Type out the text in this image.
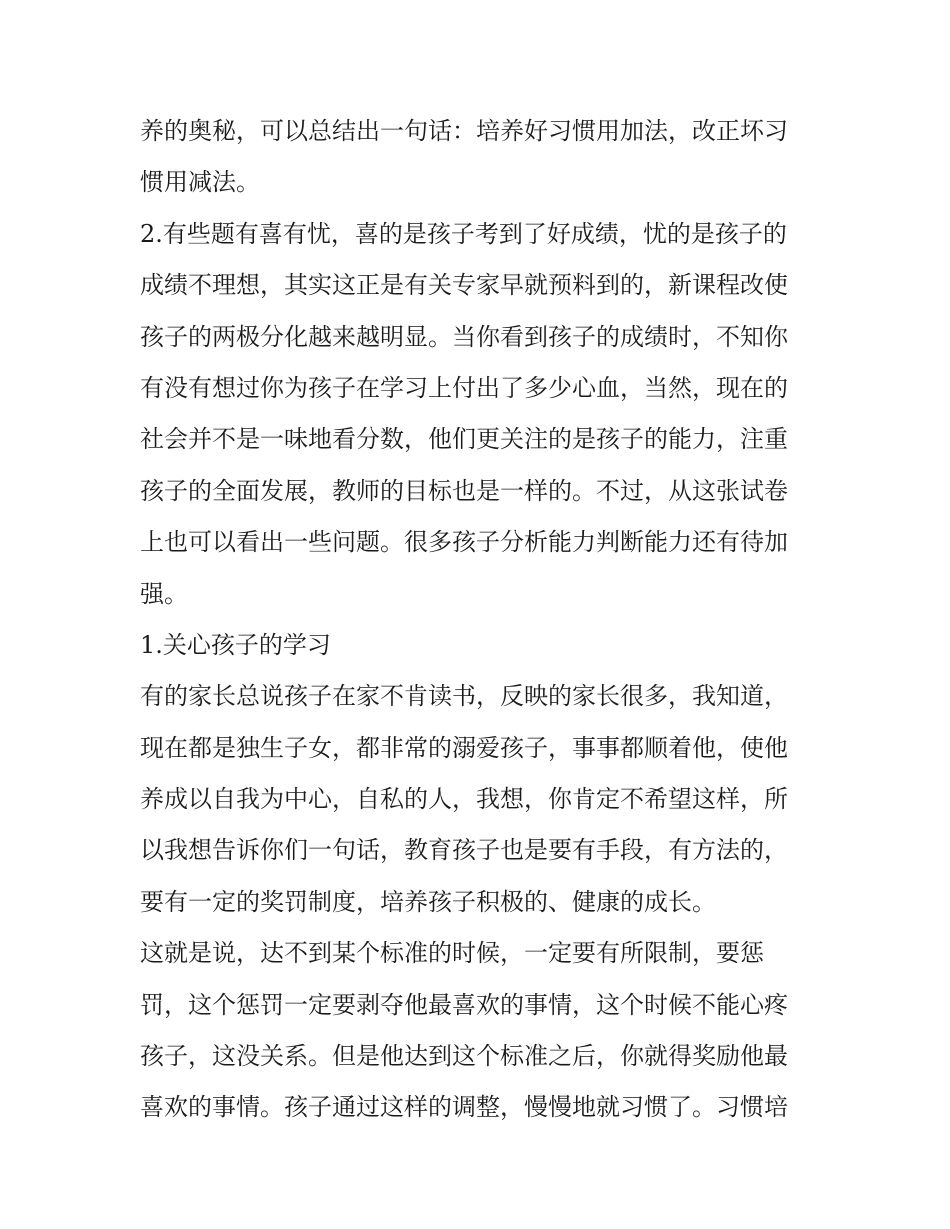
养的奥秘，可以总结出一句话：培养好习惯用加法，改正坏习
惯用减法。
2.有些题有喜有忧，喜的是孩子考到了好成绩，忧的是孩子的
成绩不理想，其实这正是有关专家早就预料到的，新课程改使
孩子的两极分化越来越明显。当你看到孩子的成绩时，不知你
有没有想过你为孩子在学习上付出了多少心血，当然，现在的
社会并不是一味地看分数，他们更关注的是孩子的能力，注重
孩子的全面发展，教师的目标也是一样的。不过，从这张试卷
上也可以看出一些问题。很多孩子分析能力判断能力还有待加
强。
1.关心孩子的学习
有的家长总说孩子在家不肯读书，反映的家长很多，我知道，
现在都是独生子女，都非常的溺爱孩子，事事都顺着他，使他
养成以自我为中心，自私的人，我想，你肯定不希望这样，所
以我想告诉你们一句话，教育孩子也是要有手段，有方法的，
要有一定的奖罚制度，培养孩子积极的、健康的成长。
这就是说，达不到某个标准的时候，一定要有所限制，要惩
罚，这个惩罚一定要剥夺他最喜欢的事情，这个时候不能心疼
孩子，这没关系。但是他达到这个标准之后，你就得奖励他最
喜欢的事情。孩子通过这样的调整，慢慢地就习惯了。习惯培
